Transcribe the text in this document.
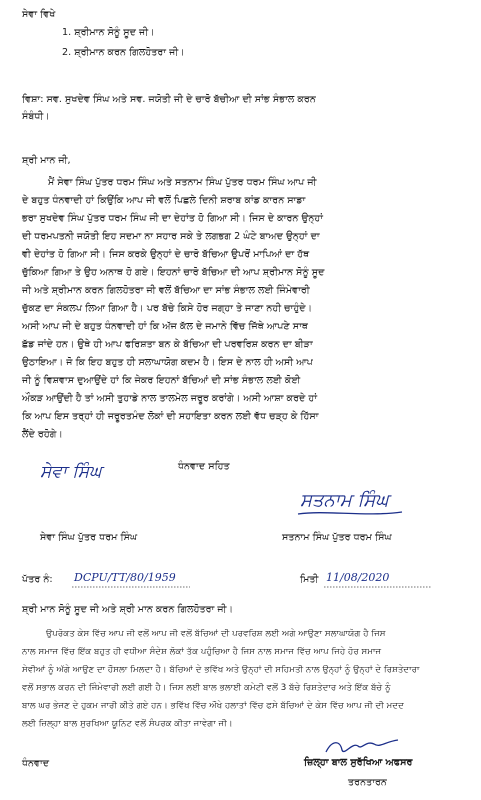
ਸੇਵਾ ਵਿਖੇ
1. ਸ਼੍ਰੀਮਾਨ ਸੋਨੂੰ ਸੂਦ ਜੀ।
2. ਸ਼੍ਰੀਮਾਨ ਕਰਨ ਗਿਲਹੋਤਰਾ ਜੀ।
ਵਿਸ਼ਾ: ਸਵ. ਸੁਖਦੇਵ ਸਿੰਘ ਅਤੇ ਸਵ. ਜਯੋਤੀ ਜੀ ਦੇ ਚਾਰੋ ਬੱਚੀਆ ਦੀ ਸਾਂਭ ਸੰਭਾਲ ਕਰਨ
ਸੰਬੰਧੀ।
ਸ਼੍ਰੀ ਮਾਨ ਜੀ,
ਮੈਂ ਸੇਵਾ ਸਿੰਘ ਪੁੱਤਰ ਧਰਮ ਸਿੰਘ ਅਤੇ ਸਤਨਾਮ ਸਿੰਘ ਪੁੱਤਰ ਧਰਮ ਸਿੰਘ ਆਪ ਜੀ
ਦੇ ਬਹੁਤ ਧੰਨਵਾਦੀ ਹਾਂ ਕਿਉਂਕਿ ਆਪ ਜੀ ਵਲੋਂ ਪਿਛਲੇ ਦਿਨੀ ਸ਼ਰਾਬ ਕਾਂਡ ਕਾਰਨ ਸਾਡਾ
ਭਰਾ ਸੁਖਦੇਵ ਸਿੰਘ ਪੁੱਤਰ ਧਰਮ ਸਿੰਘ ਜੀ ਦਾ ਦੇਹਾਂਤ ਹੋ ਗਿਆ ਸੀ। ਜਿਸ ਦੇ ਕਾਰਨ ਉਨ੍ਹਾਂ
ਦੀ ਧਰਮਪਤਨੀ ਜਯੋਤੀ ਇਹ ਸਦਮਾ ਨਾ ਸਹਾਰ ਸਕੇ ਤੇ ਲਗਭਗ 2 ਘੰਟੇ ਬਾਅਦ ਉਨ੍ਹਾਂ ਦਾ
ਵੀ ਦੇਹਾਂਤ ਹੋ ਗਿਆ ਸੀ। ਜਿਸ ਕਰਕੇ ਉਨ੍ਹਾਂ ਦੇ ਚਾਰੋ ਬੱਚਿਆ ਉਪਰੋਂ ਮਾਪਿਆਂ ਦਾ ਹੱਥ
ਚੁੱਕਿਆ ਗਿਆ ਤੇ ਉਹ ਅਨਾਥ ਹੋ ਗਏ। ਇਹਨਾਂ ਚਾਰੋ ਬੱਚਿਆ ਦੀ ਆਪ ਸ਼੍ਰੀਮਾਨ ਸੋਨੂੰ ਸੂਦ
ਜੀ ਅਤੇ ਸ਼੍ਰੀਮਾਨ ਕਰਨ ਗਿਲਹੋਤਰਾ ਜੀ ਵਲੋਂ ਬੱਚਿਆ ਦਾ ਸਾਂਭ ਸੰਭਾਲ ਲਈ ਜਿੰਮੇਵਾਰੀ
ਚੁੱਕਣ ਦਾ ਸੰਕਲਪ ਲਿਆ ਗਿਆ ਹੈ। ਪਰ ਬੱਚੇ ਕਿਸੇ ਹੋਰ ਜਗ੍ਹਾ ਤੇ ਜਾਣਾ ਨਹੀ ਚਾਹੁੰਦੇ।
ਅਸੀ ਆਪ ਜੀ ਦੇ ਬਹੁਤ ਧੰਨਵਾਦੀ ਹਾਂ ਕਿ ਅੱਜ ਕੱਲ ਦੇ ਜਮਾਨੇ ਵਿੱਚ ਜਿੱਥੇ ਆਪਣੇ ਸਾਥ
ਛੱਡ ਜਾਂਦੇ ਹਨ। ਉਥੇ ਹੀ ਆਪ ਫਰਿਸ਼ਤਾ ਬਨ ਕੇ ਬੱਚਿਆ ਦੀ ਪਰਵਰਿਸ਼ ਕਰਨ ਦਾ ਬੀੜਾ
ਉਠਾਇਆ। ਜੋ ਕਿ ਇਹ ਬਹੁਤ ਹੀ ਸਲਾਘਾਯੋਗ ਕਦਮ ਹੈ। ਇਸ ਦੇ ਨਾਲ ਹੀ ਅਸੀ ਆਪ
ਜੀ ਨੂੰ ਵਿਸ਼ਵਾਸ ਦੁਆਉਂਦੇ ਹਾਂ ਕਿ ਜੇਕਰ ਇਹਨਾਂ ਬੱਚਿਆਂ ਦੀ ਸਾਂਭ ਸੰਭਾਲ ਲਈ ਕੋਈ
ਔਕੜ ਆਉਂਦੀ ਹੈ ਤਾਂ ਅਸੀ ਤੁਹਾਡੇ ਨਾਲ ਤਾਲਮੇਲ ਜਰੂਰ ਕਰਾਂਗੇ। ਅਸੀ ਆਸ਼ਾ ਕਰਦੇ ਹਾਂ
ਕਿ ਆਪ ਇਸ ਤਰ੍ਹਾਂ ਹੀ ਜਰੂਰਤਮੰਦ ਲੋਕਾਂ ਦੀ ਸਹਾਇਤਾ ਕਰਨ ਲਈ ਵੱਧ ਚੜ੍ਹ ਕੇ ਹਿੱਸਾ
ਲੈਂਦੇ ਰਹੋਗੇ।
ਸੇਵਾ ਸਿੰਘ	ਧੰਨਵਾਦ ਸਹਿਤ
ਸਤਨਾਮ ਸਿੰਘ
ਸੇਵਾ ਸਿੰਘ ਪੁੱਤਰ ਧਰਮ ਸਿੰਘ	ਸਤਨਾਮ ਸਿੰਘ ਪੁੱਤਰ ਧਰਮ ਸਿੰਘ
ਪੱਤਰ ਨੰ: DCPU/TT/80/1959	ਮਿਤੀ 11/08/2020
ਸ਼੍ਰੀ ਮਾਨ ਸੋਨੂੰ ਸੂਦ ਜੀ ਅਤੇ ਸ਼੍ਰੀ ਮਾਨ ਕਰਨ ਗਿਲਹੋਤਰਾ ਜੀ।
ਉਪਰੋਕਤ ਕੇਸ ਵਿੱਚ ਆਪ ਜੀ ਵਲੋਂ ਆਪ ਜੀ ਵਲੋਂ ਬੱਚਿਆਂ ਦੀ ਪਰਵਰਿਸ਼ ਲਈ ਅਗੇ ਆਉਣਾ ਸਲਾਘਾਯੋਗ ਹੈ ਜਿਸ
ਨਾਲ ਸਮਾਜ ਵਿੱਚ ਇੱਕ ਬਹੁਤ ਹੀ ਵਧੀਆ ਸੰਦੇਸ਼ ਲੋਕਾਂ ਤੱਕ ਪਹੁੰਚਿਆ ਹੈ ਜਿਸ ਨਾਲ ਸਮਾਜ ਵਿੱਚ ਆਪ ਜਿਹੇ ਹੋਰ ਸਮਾਜ
ਸੇਵੀਆਂ ਨੂੰ ਅੱਗੇ ਆਉਣ ਦਾ ਹੌਸਲਾ ਮਿਲਦਾ ਹੈ। ਬੱਚਿਆਂ ਦੇ ਭਵਿੱਖ ਅਤੇ ਉਨ੍ਹਾਂ ਦੀ ਸਹਿਮਤੀ ਨਾਲ ਉਨ੍ਹਾਂ ਨੂੰ ਉਨ੍ਹਾਂ ਦੇ ਰਿਸ਼ਤੇਦਾਰਾ
ਵਲੋਂ ਸਭਾਲ ਕਰਨ ਦੀ ਜਿੰਮੇਵਾਰੀ ਲਈ ਗਈ ਹੈ। ਜਿਸ ਲਈ ਬਾਲ ਭਲਾਈ ਕਮੇਟੀ ਵਲੋਂ 3 ਬੱਚੇ ਰਿਸ਼ਤੇਦਾਰ ਅਤੇ ਇੱਕ ਬੱਚੇ ਨੂੰ
ਬਾਲ ਘਰ ਭੇਜਣ ਦੇ ਹੁਕਮ ਜਾਰੀ ਕੀਤੇ ਗਏ ਹਨ। ਭਵਿੱਖ ਵਿੱਚ ਔਖੇ ਹਲਾਤਾਂ ਵਿੱਚ ਫਸੇ ਬੱਚਿਆਂ ਦੇ ਕੇਸ ਵਿੱਚ ਆਪ ਜੀ ਦੀ ਮਦਦ
ਲਈ ਜ਼ਿਲ੍ਹਾ ਬਾਲ ਸੁਰਖਿਆ ਯੂਨਿਟ ਵਲੋਂ ਸੰਪਰਕ ਕੀਤਾ ਜਾਵੇਗਾ ਜੀ।
ਧੰਨਵਾਦ	ਜ਼ਿਲ੍ਹਾ ਬਾਲ ਸੁਰੱਖਿਆ ਅਫਸਰ
ਤਰਨਤਾਰਨ
